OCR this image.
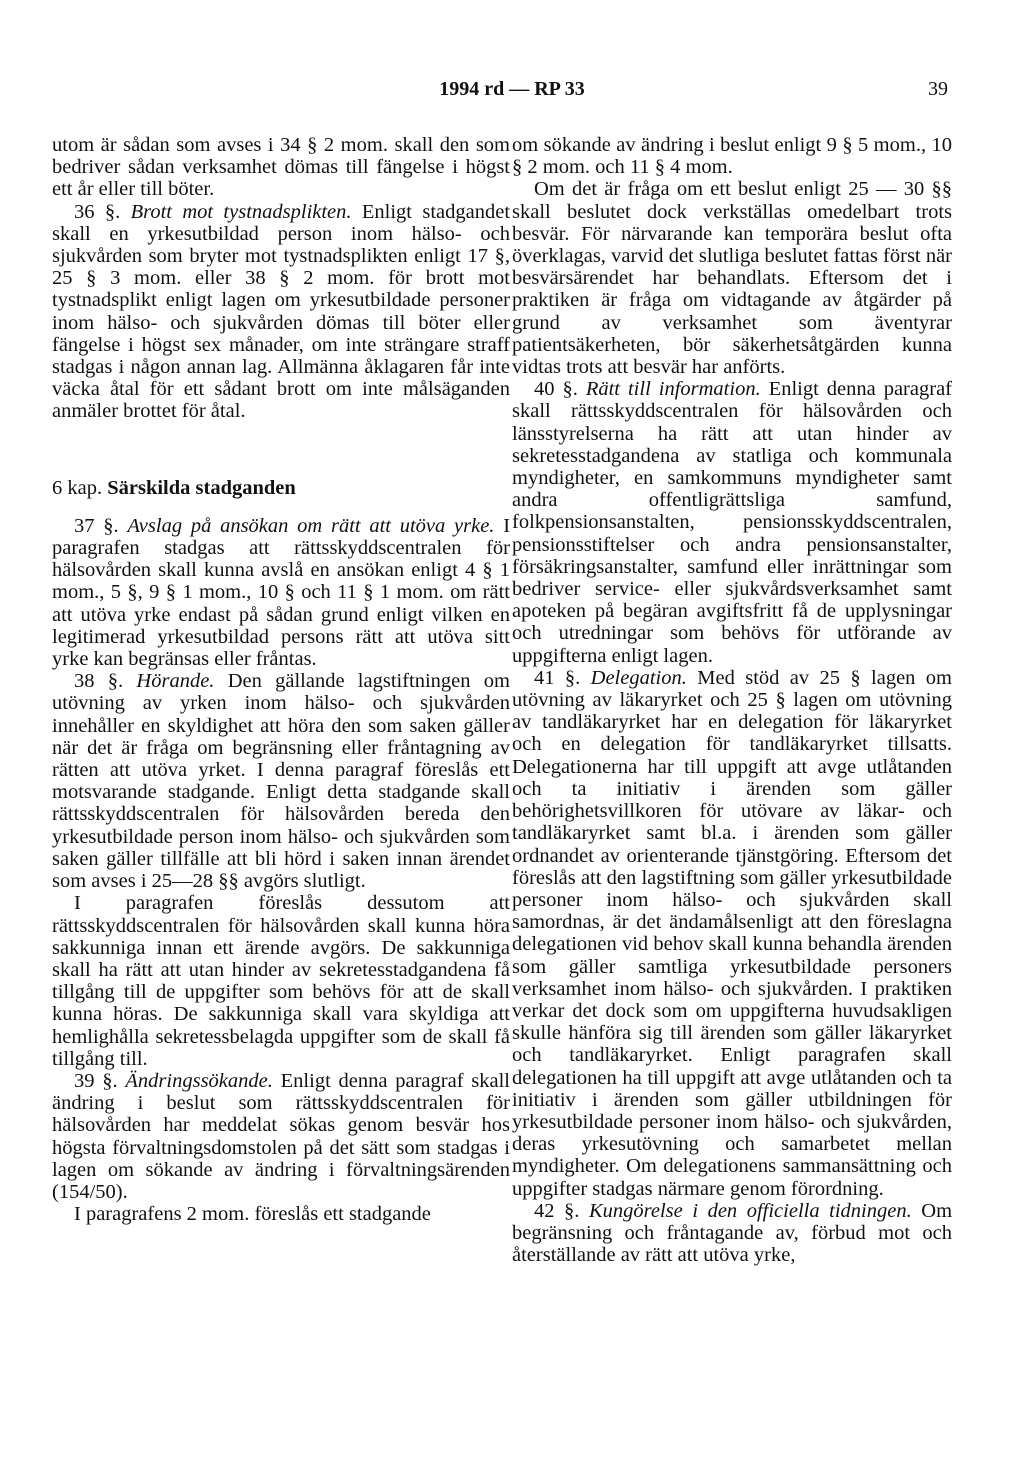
1994 rd — RP 33	39

utom är sådan som avses i 34 § 2 mom. skall den som bedriver sådan verksamhet dömas till fängelse i högst ett år eller till böter.

36 §. Brott mot tystnadsplikten. Enligt stadgandet skall en yrkesutbildad person inom hälso- och sjukvården som bryter mot tystnadsplikten enligt 17 §, 25 § 3 mom. eller 38 § 2 mom. för brott mot tystnadsplikt enligt lagen om yrkesutbildade personer inom hälso- och sjukvården dömas till böter eller fängelse i högst sex månader, om inte strängare straff stadgas i någon annan lag. Allmänna åklagaren får inte väcka åtal för ett sådant brott om inte målsäganden anmäler brottet för åtal.

6 kap. Särskilda stadganden

37 §. Avslag på ansökan om rätt att utöva yrke. I paragrafen stadgas att rättsskyddscentralen för hälsovården skall kunna avslå en ansökan enligt 4 § 1 mom., 5 §, 9 § 1 mom., 10 § och 11 § 1 mom. om rätt att utöva yrke endast på sådan grund enligt vilken en legitimerad yrkesutbildad persons rätt att utöva sitt yrke kan begränsas eller fråntas.

38 §. Hörande. Den gällande lagstiftningen om utövning av yrken inom hälso- och sjukvården innehåller en skyldighet att höra den som saken gäller när det är fråga om begränsning eller fråntagning av rätten att utöva yrket. I denna paragraf föreslås ett motsvarande stadgande. Enligt detta stadgande skall rättsskyddscentralen för hälsovården bereda den yrkesutbildade person inom hälso- och sjukvården som saken gäller tillfälle att bli hörd i saken innan ärendet som avses i 25—28 §§ avgörs slutligt.

I paragrafen föreslås dessutom att rättsskyddscentralen för hälsovården skall kunna höra sakkunniga innan ett ärende avgörs. De sakkunniga skall ha rätt att utan hinder av sekretesstadgandena få tillgång till de uppgifter som behövs för att de skall kunna höras. De sakkunniga skall vara skyldiga att hemlighålla sekretessbelagda uppgifter som de skall få tillgång till.

39 §. Ändringssökande. Enligt denna paragraf skall ändring i beslut som rättsskyddscentralen för hälsovården har meddelat sökas genom besvär hos högsta förvaltningsdomstolen på det sätt som stadgas i lagen om sökande av ändring i förvaltningsärenden (154/50).

I paragrafens 2 mom. föreslås ett stadgande

om sökande av ändring i beslut enligt 9 § 5 mom., 10 § 2 mom. och 11 § 4 mom.

Om det är fråga om ett beslut enligt 25 — 30 §§ skall beslutet dock verkställas omedelbart trots besvär. För närvarande kan temporära beslut ofta överklagas, varvid det slutliga beslutet fattas först när besvärsärendet har behandlats. Eftersom det i praktiken är fråga om vidtagande av åtgärder på grund av verksamhet som äventyrar patientsäkerheten, bör säkerhetsåtgärden kunna vidtas trots att besvär har anförts.

40 §. Rätt till information. Enligt denna paragraf skall rättsskyddscentralen för hälsovården och länsstyrelserna ha rätt att utan hinder av sekretesstadgandena av statliga och kommunala myndigheter, en samkommuns myndigheter samt andra offentligrättsliga samfund, folkpensionsanstalten, pensionsskyddscentralen, pensionsstiftelser och andra pensionsanstalter, försäkringsanstalter, samfund eller inrättningar som bedriver service- eller sjukvårdsverksamhet samt apoteken på begäran avgiftsfritt få de upplysningar och utredningar som behövs för utförande av uppgifterna enligt lagen.

41 §. Delegation. Med stöd av 25 § lagen om utövning av läkaryrket och 25 § lagen om utövning av tandläkaryrket har en delegation för läkaryrket och en delegation för tandläkaryrket tillsatts. Delegationerna har till uppgift att avge utlåtanden och ta initiativ i ärenden som gäller behörighetsvillkoren för utövare av läkar- och tandläkaryrket samt bl.a. i ärenden som gäller ordnandet av orienterande tjänstgöring. Eftersom det föreslås att den lagstiftning som gäller yrkesutbildade personer inom hälso- och sjukvården skall samordnas, är det ändamålsenligt att den föreslagna delegationen vid behov skall kunna behandla ärenden som gäller samtliga yrkesutbildade personers verksamhet inom hälso- och sjukvården. I praktiken verkar det dock som om uppgifterna huvudsakligen skulle hänföra sig till ärenden som gäller läkaryrket och tandläkaryrket. Enligt paragrafen skall delegationen ha till uppgift att avge utlåtanden och ta initiativ i ärenden som gäller utbildningen för yrkesutbildade personer inom hälso- och sjukvården, deras yrkesutövning och samarbetet mellan myndigheter. Om delegationens sammansättning och uppgifter stadgas närmare genom förordning.

42 §. Kungörelse i den officiella tidningen. Om begränsning och fråntagande av, förbud mot och återställande av rätt att utöva yrke,
